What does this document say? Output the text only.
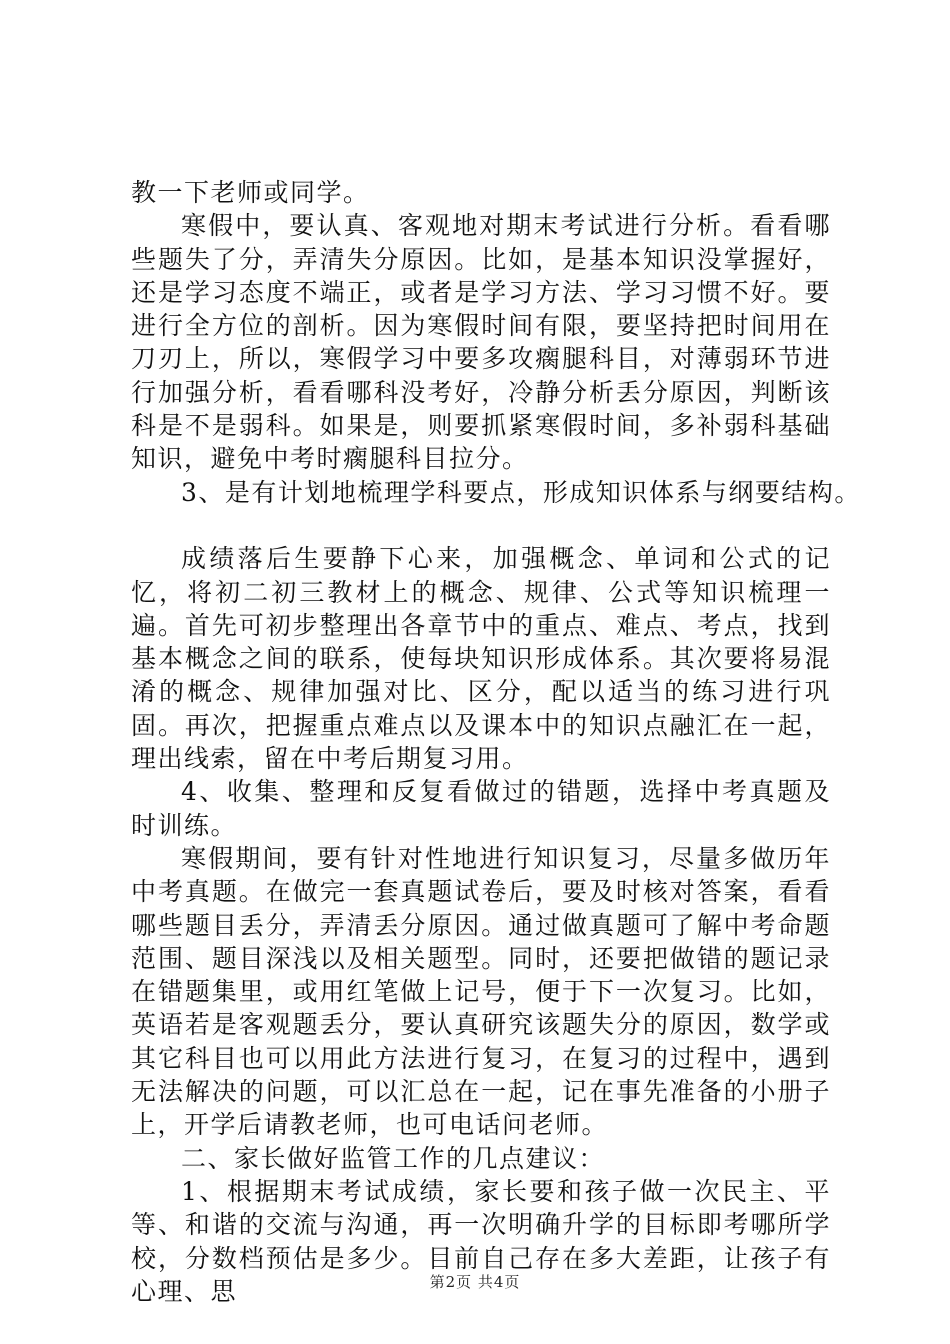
教一下老师或同学。

寒假中，要认真、客观地对期末考试进行分析。看看哪些题失了分，弄清失分原因。比如，是基本知识没掌握好，还是学习态度不端正，或者是学习方法、学习习惯不好。要进行全方位的剖析。因为寒假时间有限，要坚持把时间用在刀刃上，所以，寒假学习中要多攻瘸腿科目，对薄弱环节进行加强分析，看看哪科没考好，冷静分析丢分原因，判断该科是不是弱科。如果是，则要抓紧寒假时间，多补弱科基础知识，避免中考时瘸腿科目拉分。

3、是有计划地梳理学科要点，形成知识体系与纲要结构。

成绩落后生要静下心来，加强概念、单词和公式的记忆，将初二初三教材上的概念、规律、公式等知识梳理一遍。首先可初步整理出各章节中的重点、难点、考点，找到基本概念之间的联系，使每块知识形成体系。其次要将易混淆的概念、规律加强对比、区分，配以适当的练习进行巩固。再次，把握重点难点以及课本中的知识点融汇在一起，理出线索，留在中考后期复习用。

4、收集、整理和反复看做过的错题，选择中考真题及时训练。

寒假期间，要有针对性地进行知识复习，尽量多做历年中考真题。在做完一套真题试卷后，要及时核对答案，看看哪些题目丢分，弄清丢分原因。通过做真题可了解中考命题范围、题目深浅以及相关题型。同时，还要把做错的题记录在错题集里，或用红笔做上记号，便于下一次复习。比如，英语若是客观题丢分，要认真研究该题失分的原因，数学或其它科目也可以用此方法进行复习，在复习的过程中，遇到无法解决的问题，可以汇总在一起，记在事先准备的小册子上，开学后请教老师，也可电话问老师。

二、家长做好监管工作的几点建议：

1、根据期末考试成绩，家长要和孩子做一次民主、平等、和谐的交流与沟通，再一次明确升学的目标即考哪所学校，分数档预估是多少。目前自己存在多大差距，让孩子有心理、思	第2页 共4页
